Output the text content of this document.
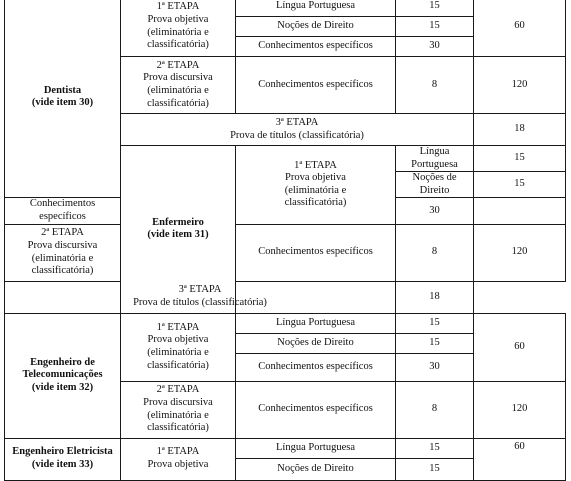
Dentista
(vide item 30)	1ª ETAPA
Prova objetiva
(eliminatória e
classificatória)	Língua Portuguesa	15	60	
		Noções de Direito	15		
		Conhecimentos específicos	30		

	2ª ETAPA
Prova discursiva
(eliminatória e
classificatória)	Conhecimentos específicos	8	120	

	3ª ETAPA
Prova de títulos (classificatória)			18	

	Enfermeiro
(vide item 31)	1ª ETAPA
Prova objetiva
(eliminatória e
classificatória)	Língua Portuguesa	15	
			Noções de Direito	15	
Conhecimentos específicos			30		

2ª ETAPA
Prova discursiva
(eliminatória e
classificatória)		Conhecimentos específicos	8	120	

3ª ETAPA
Prova de títulos (classificatória)			18		

Engenheiro de
Telecomunicações
(vide item 32)	1ª ETAPA
Prova objetiva
(eliminatória e
classificatória)	Língua Portuguesa	15	60	
		Noções de Direito	15		
		Conhecimentos específicos	30		

	2ª ETAPA
Prova discursiva
(eliminatória e
classificatória)	Conhecimentos específicos	8	120	

Engenheiro Eletricista
(vide item 33)	1ª ETAPA
Prova objetiva	Língua Portuguesa	15	60	
		Noções de Direito	15		
